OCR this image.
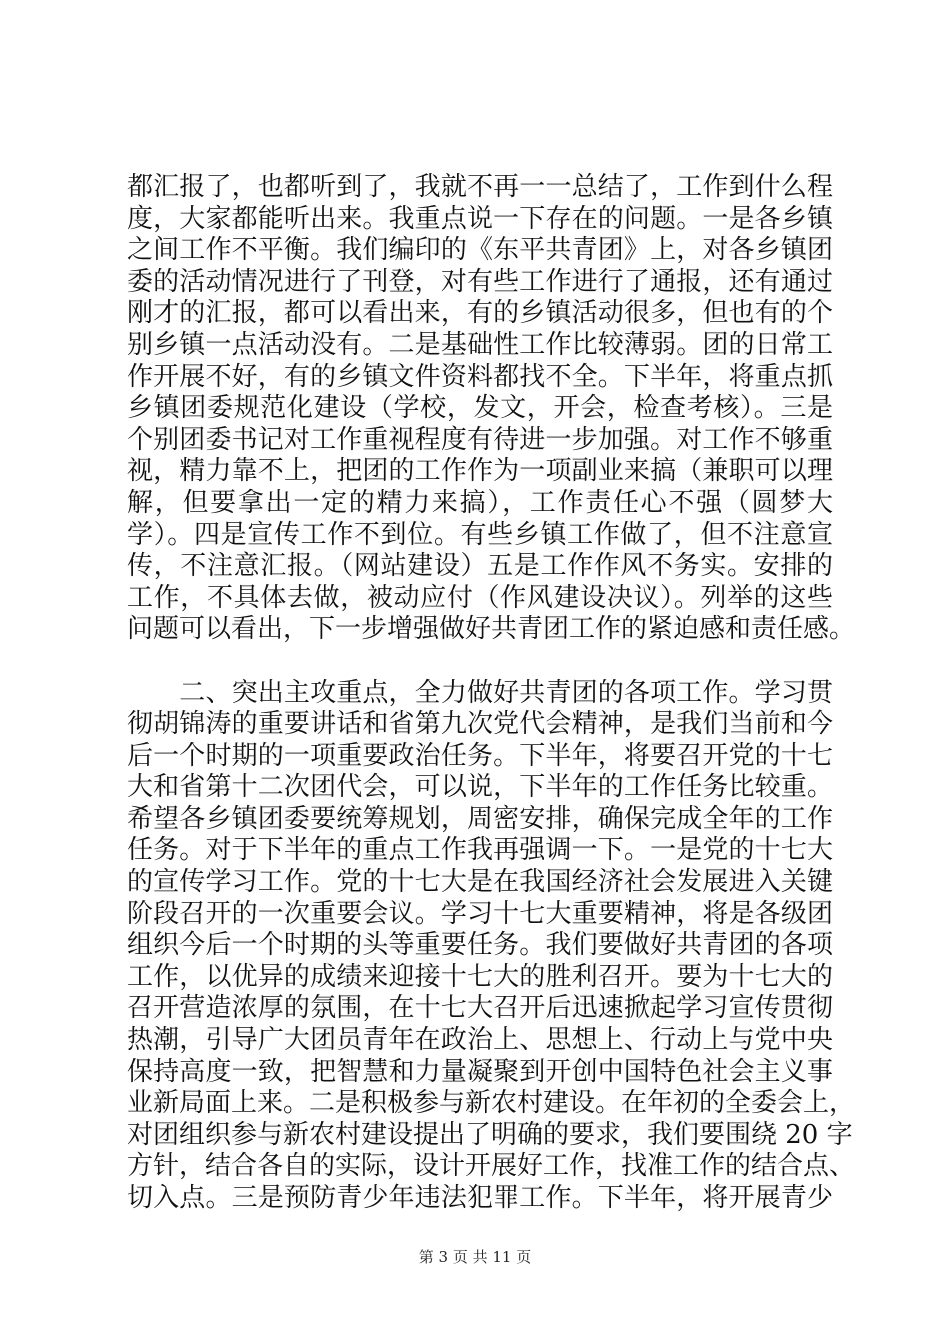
都汇报了，也都听到了，我就不再一一总结了，工作到什么程
度，大家都能听出来。我重点说一下存在的问题。一是各乡镇
之间工作不平衡。我们编印的《东平共青团》上，对各乡镇团
委的活动情况进行了刊登，对有些工作进行了通报，还有通过
刚才的汇报，都可以看出来，有的乡镇活动很多，但也有的个
别乡镇一点活动没有。二是基础性工作比较薄弱。团的日常工
作开展不好，有的乡镇文件资料都找不全。下半年，将重点抓
乡镇团委规范化建设（学校，发文，开会，检查考核）。三是
个别团委书记对工作重视程度有待进一步加强。对工作不够重
视，精力靠不上，把团的工作作为一项副业来搞（兼职可以理
解，但要拿出一定的精力来搞），工作责任心不强（圆梦大
学）。四是宣传工作不到位。有些乡镇工作做了，但不注意宣
传，不注意汇报。（网站建设）五是工作作风不务实。安排的
工作，不具体去做，被动应付（作风建设决议）。列举的这些
问题可以看出，下一步增强做好共青团工作的紧迫感和责任感。
　　二、突出主攻重点，全力做好共青团的各项工作。学习贯
彻胡锦涛的重要讲话和省第九次党代会精神，是我们当前和今
后一个时期的一项重要政治任务。下半年，将要召开党的十七
大和省第十二次团代会，可以说，下半年的工作任务比较重。
希望各乡镇团委要统筹规划，周密安排，确保完成全年的工作
任务。对于下半年的重点工作我再强调一下。一是党的十七大
的宣传学习工作。党的十七大是在我国经济社会发展进入关键
阶段召开的一次重要会议。学习十七大重要精神，将是各级团
组织今后一个时期的头等重要任务。我们要做好共青团的各项
工作，以优异的成绩来迎接十七大的胜利召开。要为十七大的
召开营造浓厚的氛围，在十七大召开后迅速掀起学习宣传贯彻
热潮，引导广大团员青年在政治上、思想上、行动上与党中央
保持高度一致，把智慧和力量凝聚到开创中国特色社会主义事
业新局面上来。二是积极参与新农村建设。在年初的全委会上，
对团组织参与新农村建设提出了明确的要求，我们要围绕 20 字
方针，结合各自的实际，设计开展好工作，找准工作的结合点、
切入点。三是预防青少年违法犯罪工作。下半年，将开展青少
第 3 页 共 11 页
